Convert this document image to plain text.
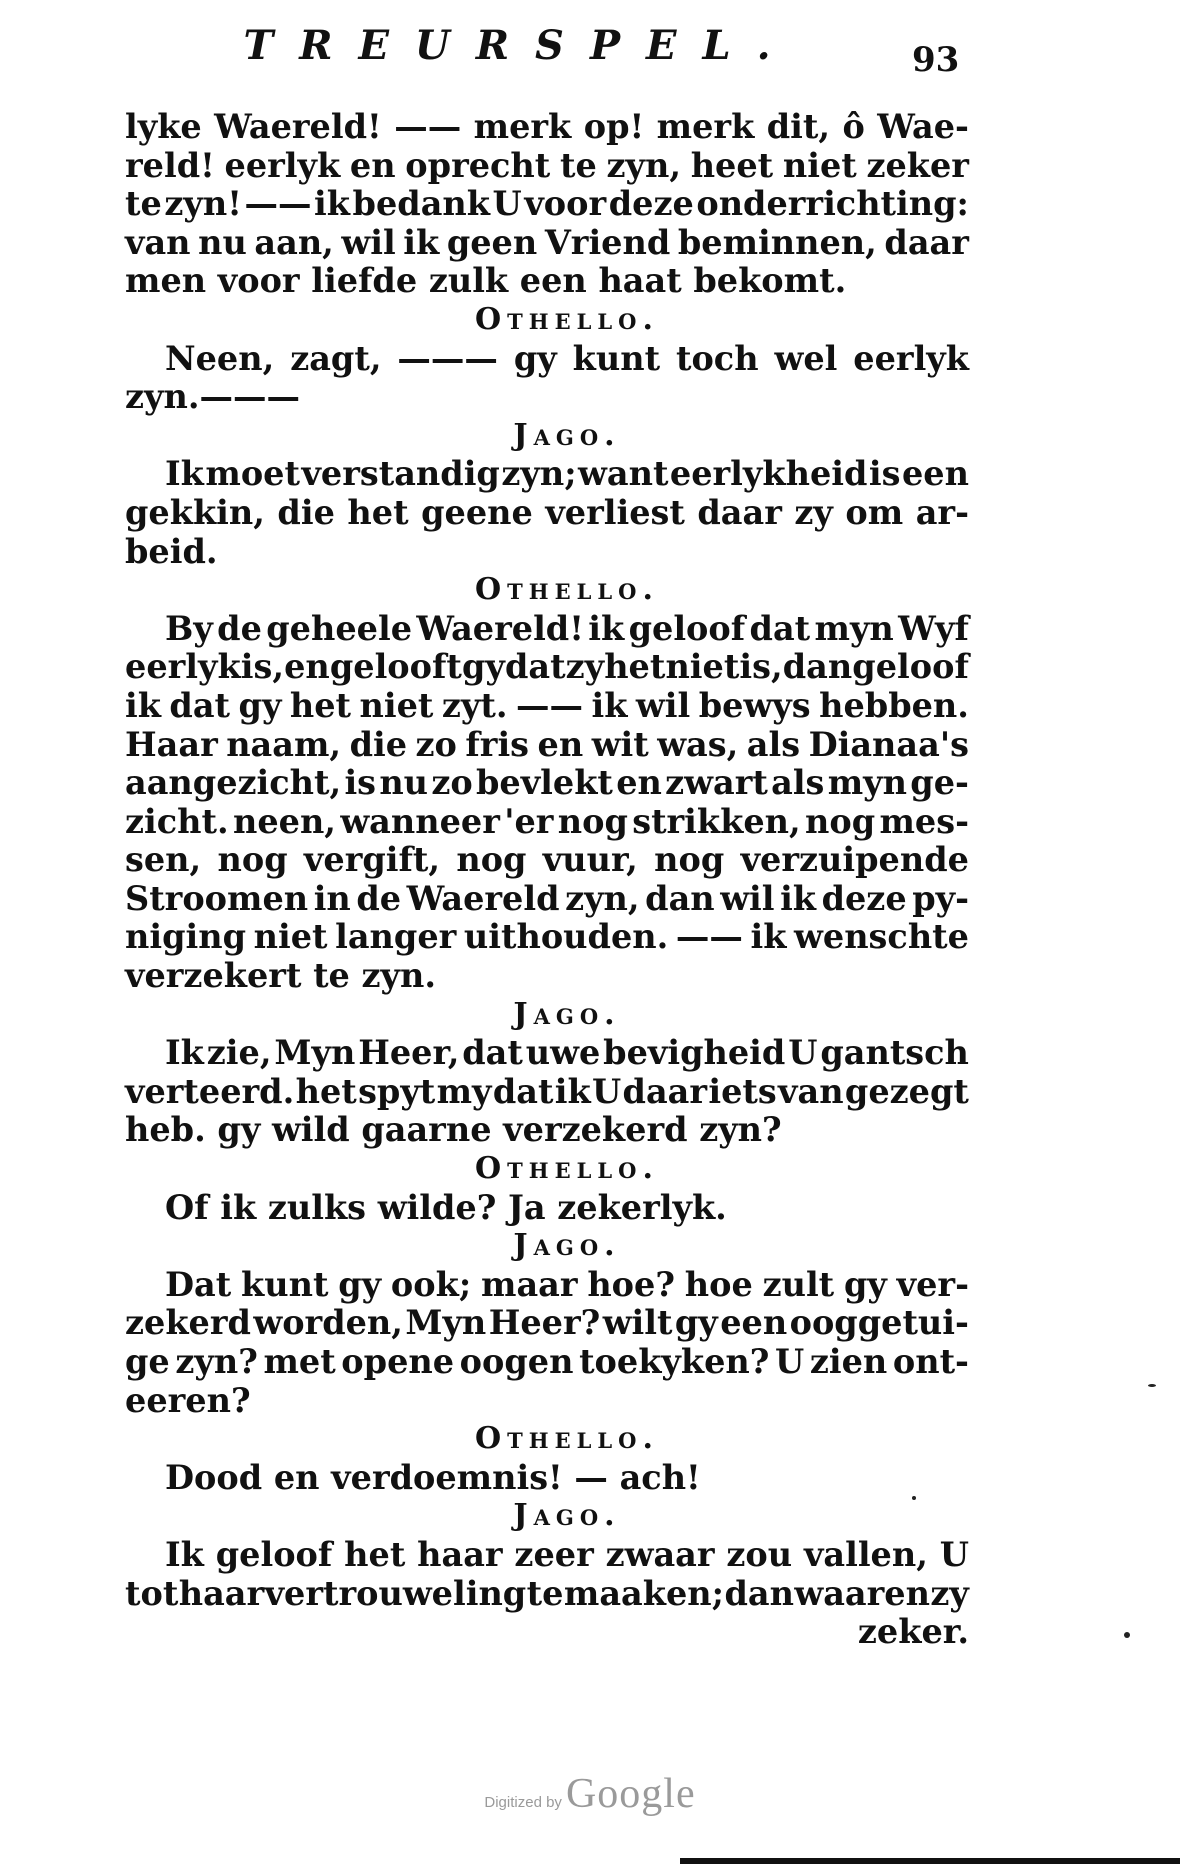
TREURSPEL.	93
lyke Waereld! —— merk op! merk dit, ô Wae-
reld! eerlyk en oprecht te zyn, heet niet zeker
te zyn! —— ik bedank U voor deze onderrichting:
van nu aan, wil ik geen Vriend beminnen, daar
men voor liefde zulk een haat bekomt.
Othello.
Neen, zagt, ——— gy kunt toch wel eerlyk
zyn.———
Jago.
Ik moet verstandig zyn; want eerlykheid is een
gekkin, die het geene verliest daar zy om ar-
beid.
Othello.
By de geheele Waereld! ik geloof dat myn Wyf
eerlyk is, en gelooft gy dat zy het niet is, dan geloof
ik dat gy het niet zyt. —— ik wil bewys hebben.
Haar naam, die zo fris en wit was, als Dianaa's
aangezicht, is nu zo bevlekt en zwart als myn ge-
zicht. neen, wanneer 'er nog strikken, nog mes-
sen, nog vergift, nog vuur, nog verzuipende
Stroomen in de Waereld zyn, dan wil ik deze py-
niging niet langer uithouden. —— ik wenschte
verzekert te zyn.
Jago.
Ik zie, Myn Heer, dat uwe bevigheid U gantsch
verteerd. het spyt my dat ik U daar iets van gezegt
heb. gy wild gaarne verzekerd zyn?
Othello.
Of ik zulks wilde? Ja zekerlyk.
Jago.
Dat kunt gy ook; maar hoe? hoe zult gy ver-
zekerd worden, Myn Heer? wilt gy een ooggetui-
ge zyn? met opene oogen toekyken? U zien ont-
eeren?
Othello.
Dood en verdoemnis! — ach!
Jago.
Ik geloof het haar zeer zwaar zou vallen, U
tot haar vertrouweling te maaken; dan waaren zy
zeker.
Digitized byGoogle
